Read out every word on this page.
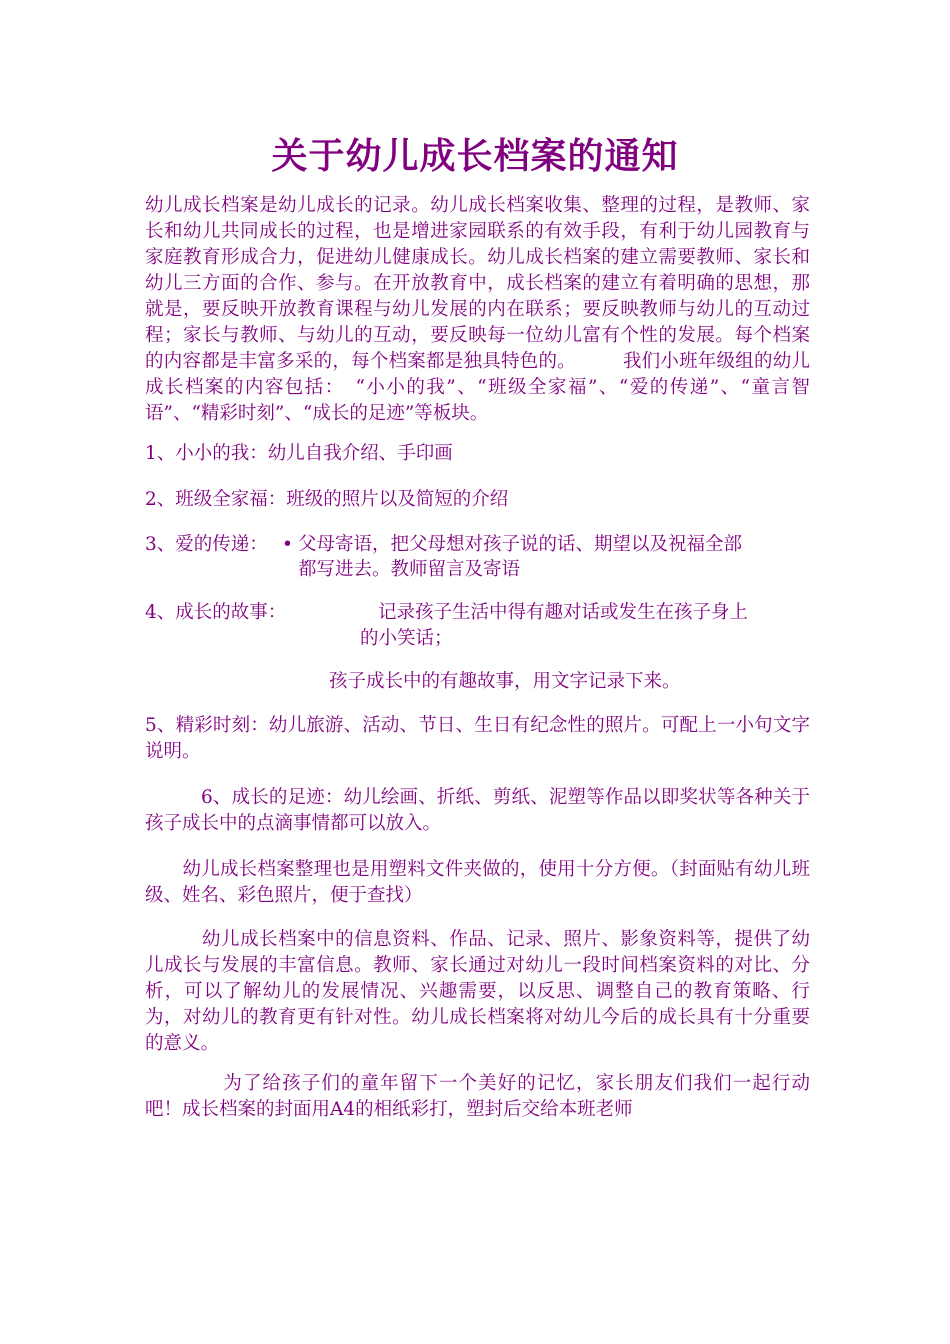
关于幼儿成长档案的通知

幼儿成长档案是幼儿成长的记录。幼儿成长档案收集、整理的过程，是教师、家长和幼儿共同成长的过程，也是增进家园联系的有效手段，有利于幼儿园教育与家庭教育形成合力，促进幼儿健康成长。幼儿成长档案的建立需要教师、家长和幼儿三方面的合作、参与。在开放教育中，成长档案的建立有着明确的思想，那就是，要反映开放教育课程与幼儿发展的内在联系；要反映教师与幼儿的互动过程；家长与教师、与幼儿的互动，要反映每一位幼儿富有个性的发展。每个档案的内容都是丰富多采的，每个档案都是独具特色的。　　　我们小班年级组的幼儿成长档案的内容包括：　“小小的我”、“班级全家福”、“爱的传递”、“童言智语”、“精彩时刻”、“成长的足迹”等板块。

1、小小的我：幼儿自我介绍、手印画
2、班级全家福：班级的照片以及简短的介绍
3、爱的传递： • 父母寄语，把父母想对孩子说的话、期望以及祝福全部
都写进去。教师留言及寄语
4、成长的故事：	记录孩子生活中得有趣对话或发生在孩子身上
的小笑话；
孩子成长中的有趣故事，用文字记录下来。

5、精彩时刻：幼儿旅游、活动、节日、生日有纪念性的照片。可配上一小句文字说明。

　　　6、成长的足迹：幼儿绘画、折纸、剪纸、泥塑等作品以即奖状等各种关于孩子成长中的点滴事情都可以放入。

　　幼儿成长档案整理也是用塑料文件夹做的，使用十分方便。（封面贴有幼儿班级、姓名、彩色照片，便于查找）

　　　幼儿成长档案中的信息资料、作品、记录、照片、影象资料等，提供了幼儿成长与发展的丰富信息。教师、家长通过对幼儿一段时间档案资料的对比、分析，可以了解幼儿的发展情况、兴趣需要，以反思、调整自己的教育策略、行为，对幼儿的教育更有针对性。幼儿成长档案将对幼儿今后的成长具有十分重要的意义。

　　　　为了给孩子们的童年留下一个美好的记忆，家长朋友们我们一起行动吧！成长档案的封面用A4的相纸彩打，塑封后交给本班老师
